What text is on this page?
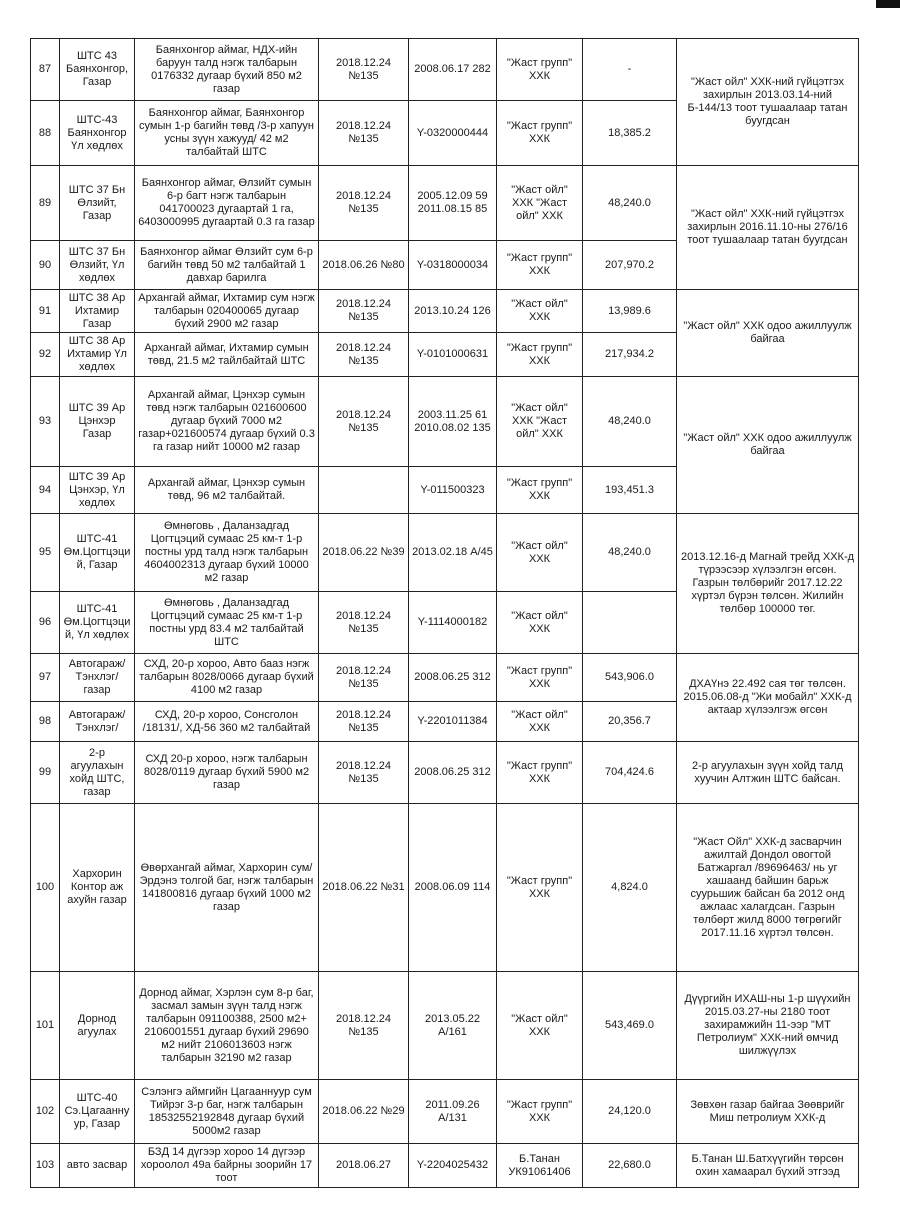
87	ШТС 43 Баянхонгор, Газар	Баянхонгор аймаг, НДХ-ийн баруун талд нэгж талбарын 0176332 дугаар бүхий 850 м2 газар	2018.12.24 №135	2008.06.17 282	"Жаст групп" ХХК	-	"Жаст ойл" ХХК-ний гүйцэтгэх захирлын 2013.03.14-ний Б-144/13 тоот тушаалаар татан буугдсан
88	ШТС-43 Баянхонгор Үл хөдлөх	Баянхонгор аймаг, Баянхонгор сумын 1-р багийн төвд /3-р хапуун усны зүүн хажууд/ 42 м2 талбайтай ШТС	2018.12.24 №135	Y-0320000444	"Жаст групп" ХХК	18,385.2	
89	ШТС 37 Бн Өлзийт, Газар	Баянхонгор аймаг, Өлзийт сумын 6-р багт нэгж талбарын 041700023 дугаартай 1 га, 6403000995 дугаартай 0.3 га газар	2018.12.24 №135	2005.12.09 59 2011.08.15 85	"Жаст ойл" ХХК "Жаст ойл" ХХК	48,240.0	"Жаст ойл" ХХК-ний гүйцэтгэх захирлын 2016.11.10-ны 276/16 тоот тушаалаар татан буугдсан
90	ШТС 37 Бн Өлзийт, Үл хөдлөх	Баянхонгор аймаг Өлзийт сум 6-р багийн төвд 50 м2 талбайтай 1 давхар барилга	2018.06.26 №80	Y-0318000034	"Жаст групп" ХХК	207,970.2	
91	ШТС 38 Ар Ихтамир Газар	Архангай аймаг, Ихтамир сум нэгж талбарын 020400065 дугаар бүхий 2900 м2 газар	2018.12.24 №135	2013.10.24 126	"Жаст ойл" ХХК	13,989.6	"Жаст ойл" ХХК одоо ажиллуулж байгаа
92	ШТС 38 Ар Ихтамир Үл хөдлөх	Архангай аймаг, Ихтамир сумын төвд, 21.5 м2 тайлбайтай ШТС	2018.12.24 №135	Y-0101000631	"Жаст групп" ХХК	217,934.2	
93	ШТС 39 Ар Цэнхэр Газар	Архангай аймаг, Цэнхэр сумын төвд нэгж талбарын 021600600 дугаар бүхий 7000 м2 газар+021600574 дугаар бүхий 0.3 га газар нийт 10000 м2 газар	2018.12.24 №135	2003.11.25 61 2010.08.02 135	"Жаст ойл" ХХК "Жаст ойл" ХХК	48,240.0	"Жаст ойл" ХХК одоо ажиллуулж байгаа
94	ШТС 39 Ар Цэнхэр, Үл хөдлөх	Архангай аймаг, Цэнхэр сумын төвд, 96 м2 талбайтай.		Y-011500323	"Жаст групп" ХХК	193,451.3	
95	ШТС-41 Өм.Цогтцэций, Газар	Өмнөговь , Даланзадгад Цогтцэций сумаас 25 км-т 1-р постны урд талд нэгж талбарын 4604002313 дугаар бүхий 10000 м2 газар	2018.06.22 №39	2013.02.18 А/45	"Жаст ойл" ХХК	48,240.0	2013.12.16-д Магнай трейд ХХК-д түрээсээр хүлээлгэн өгсөн. Газрын төлбөрийг 2017.12.22 хүртэл бүрэн төлсөн. Жилийн төлбөр 100000 төг.
96	ШТС-41 Өм.Цогтцэций, Үл хөдлөх	Өмнөговь , Даланзадгад Цогтцэций сумаас 25 км-т 1-р постны урд 83.4 м2 талбайтай ШТС	2018.12.24 №135	Y-1114000182	"Жаст ойл" ХХК		
97	Автогараж/Тэнхлэг/ газар	СХД, 20-р хороо, Авто бааз нэгж талбарын 8028/0066 дугаар бүхий 4100 м2 газар	2018.12.24 №135	2008.06.25 312	"Жаст групп" ХХК	543,906.0	ДХАҮнэ 22.492 сая төг төлсөн. 2015.06.08-д "Жи мобайл" ХХК-д актаар хүлээлгэж өгсөн
98	Автогараж/Тэнхлэг/	СХД, 20-р хороо, Сонсголон /18131/, ХД-56 360 м2 талбайтай	2018.12.24 №135	Y-2201011384	"Жаст ойл" ХХК	20,356.7	
99	2-р агуулахын хойд ШТС, газар	СХД 20-р хороо, нэгж талбарын 8028/0119 дугаар бүхий 5900 м2 газар	2018.12.24 №135	2008.06.25 312	"Жаст групп" ХХК	704,424.6	2-р агуулахын зүүн хойд талд хуучин Алтжин ШТС байсан.
100	Хархорин Контор аж ахуйн газар	Өвөрхангай аймаг, Хархорин сум/ Эрдэнэ толгой баг, нэгж талбарын 141800816 дугаар бүхий 1000 м2 газар	2018.06.22 №31	2008.06.09 114	"Жаст групп" ХХК	4,824.0	"Жаст Ойл" ХХК-д засварчин ажилтай Дондол овогтой Батжаргал /89696463/ нь уг хашаанд байшин барьж суурьшиж байсан ба 2012 онд ажлаас халагдсан. Газрын төлбөрт жилд 8000 төгрөгийг 2017.11.16 хүртэл төлсөн.
101	Дорнод агуулах	Дорнод аймаг, Хэрлэн сум 8-р баг, засмал замын зүүн талд нэгж талбарын 091100388, 2500 м2+ 2106001551 дугаар бүхий 29690 м2 нийт 2106013603 нэгж талбарын 32190 м2 газар	2018.12.24 №135	2013.05.22 А/161	"Жаст ойл" ХХК	543,469.0	Дүүргийн ИХАШ-ны 1-р шүүхийн 2015.03.27-ны 2180 тоот захирамжийн 11-ээр "МТ Петролиум" ХХК-ний өмчид шилжүүлэх
102	ШТС-40 Сэ.Цагаанну ур, Газар	Сэлэнгэ аймгийн Цагааннуур сум Тийрэг 3-р баг, нэгж талбарын 18532552192848 дугаар бүхий 5000м2 газар	2018.06.22 №29	2011.09.26 А/131	"Жаст групп" ХХК	24,120.0	Зөвхөн газар байгаа Зөөврийг Миш петролиум ХХК-д
103	авто засвар	БЗД 14 дүгээр хороо 14 дүгээр хороолол 49а байрны зоорийн 17 тоот	2018.06.27	Y-2204025432	Б.Танан УК91061406	22,680.0	Б.Танан Ш.Батхүүгийн төрсөн охин хамаарал бүхий этгээд
